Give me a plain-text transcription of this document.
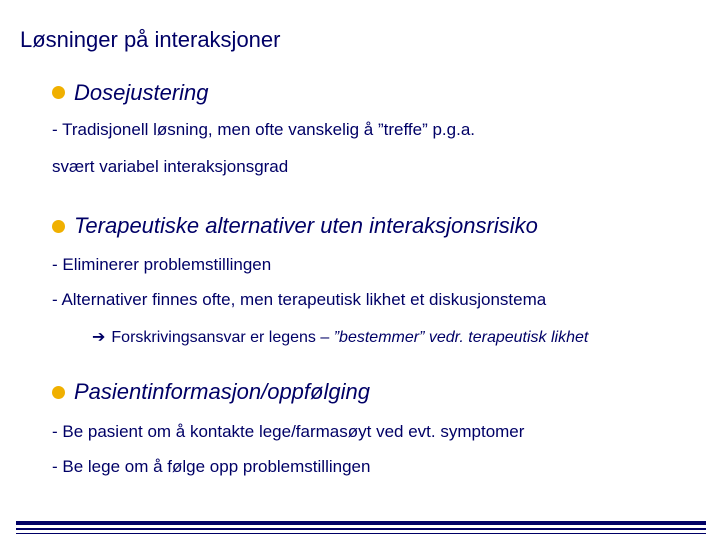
Løsninger på interaksjoner
Dosejustering
- Tradisjonell løsning, men ofte vanskelig å ”treffe” p.g.a.
svært variabel interaksjonsgrad
Terapeutiske alternativer uten interaksjonsrisiko
- Eliminerer problemstillingen
- Alternativer finnes ofte, men terapeutisk likhet et diskusjonstema
➔ Forskrivingsansvar er legens – ”bestemmer” vedr. terapeutisk likhet
Pasientinformasjon/oppfølging
- Be pasient om å kontakte lege/farmasøyt ved evt. symptomer
- Be lege om å følge opp problemstillingen
